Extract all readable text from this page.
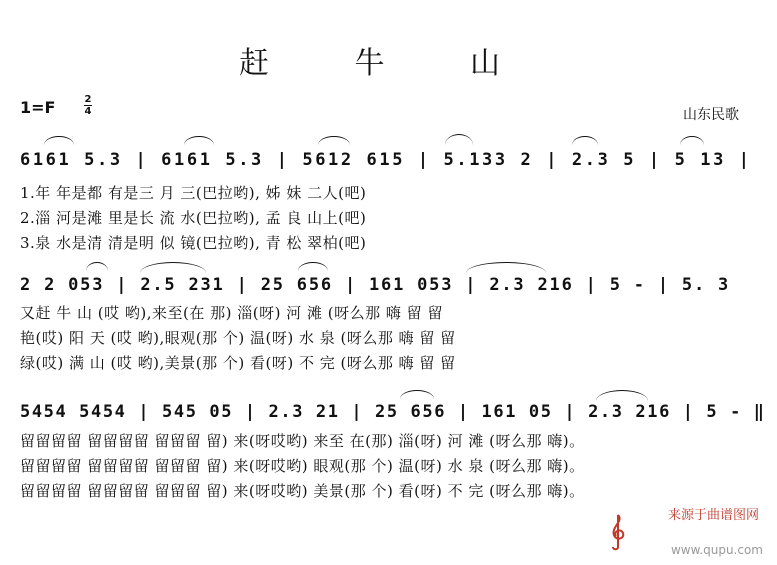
赶 牛 山
1=F	2
4	山东民歌
6161 5.3 | 6161 5.3 | 5612 615 | 5.133 2 | 2.3 5 | 5 13 |
1.年 年是都 有是三 月 三(巴拉哟), 姊 妹 二人(吧)
2.淄 河是滩 里是长 流 水(巴拉哟), 孟 良 山上(吧)
3.泉 水是清 清是明 似 镜(巴拉哟), 青 松 翠柏(吧)
2 2 053 | 2.5 231 | 25 656 | 161 053 | 2.3 216 | 5 - | 5. 3
又赶 牛 山 (哎 哟),来至(在 那) 淄(呀) 河 滩 (呀么那 嗨 留 留
艳(哎) 阳 天 (哎 哟),眼观(那 个) 温(呀) 水 泉 (呀么那 嗨 留 留
绿(哎) 满 山 (哎 哟),美景(那 个) 看(呀) 不 完 (呀么那 嗨 留 留
5454 5454 | 545 05 | 2.3 21 | 25 656 | 161 05 | 2.3 216 | 5 - ‖
留留留留 留留留留 留留留 留) 来(呀哎哟) 来至 在(那) 淄(呀) 河 滩 (呀么那 嗨)。
留留留留 留留留留 留留留 留) 来(呀哎哟) 眼观(那 个) 温(呀) 水 泉 (呀么那 嗨)。
留留留留 留留留留 留留留 留) 来(呀哎哟) 美景(那 个) 看(呀) 不 完 (呀么那 嗨)。
来源于曲谱图网
www.qupu.com
